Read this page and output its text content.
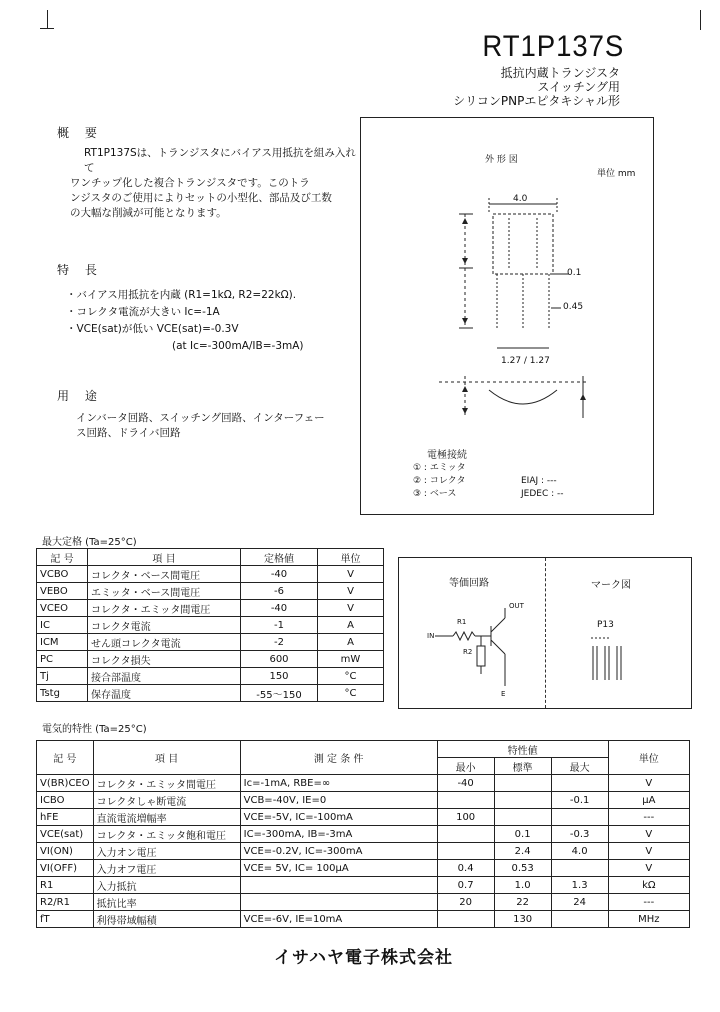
RT1P137S
抵抗内蔵トランジスタ
スイッチング用
シリコンPNPエピタキシャル形
概 要
RT1P137Sは、トランジスタにバイアス用抵抗を組み入れて
ワンチップ化した複合トランジスタです。このトラ
ンジスタのご使用によりセットの小型化、部品及び工数
の大幅な削減が可能となります。
特 長
・バイアス用抵抗を内蔵 (R1=1kΩ, R2=22kΩ).
・コレクタ電流が大きい Ic=-1A
・VCE(sat)が低い VCE(sat)=-0.3V
(at Ic=-300mA/IB=-3mA)
用 途
インバータ回路、スイッチング回路、インターフェー
ス回路、ドライバ回路
外 形 図
単位 mm
4.0
0.1
0.45
1.27 / 1.27
電極接続
① : エミッタ
② : コレクタ
③ : ベース
EIAJ : ---
JEDEC : --
最大定格 (Ta=25°C)
記 号	項 目	定格値	単位
VCBO	コレクタ・ベース間電圧	-40	V
VEBO	エミッタ・ベース間電圧	-6	V
VCEO	コレクタ・エミッタ間電圧	-40	V
IC	コレクタ電流	-1	A
ICM	せん頭コレクタ電流	-2	A
PC	コレクタ損失	600	mW
Tj	接合部温度	150	°C
Tstg	保存温度	-55～150	°C
等価回路	マーク図
R1
IN
R2
OUT
E
P13
電気的特性 (Ta=25°C)
記 号	項 目	測 定 条 件	特性値			単位
			最小	標準	最大	
V(BR)CEO	コレクタ・エミッタ間電圧	Ic=-1mA, RBE=∞	-40			V
ICBO	コレクタしゃ断電流	VCB=-40V, IE=0			-0.1	μA
hFE	直流電流増幅率	VCE=-5V, IC=-100mA	100			---
VCE(sat)	コレクタ・エミッタ飽和電圧	IC=-300mA, IB=-3mA		0.1	-0.3	V
VI(ON)	入力オン電圧	VCE=-0.2V, IC=-300mA		2.4	4.0	V
VI(OFF)	入力オフ電圧	VCE= 5V, IC= 100μA	0.4	0.53		V
R1	入力抵抗		0.7	1.0	1.3	kΩ
R2/R1	抵抗比率		20	22	24	---
fT	利得帯域幅積	VCE=-6V, IE=10mA		130		MHz
イサハヤ電子株式会社
